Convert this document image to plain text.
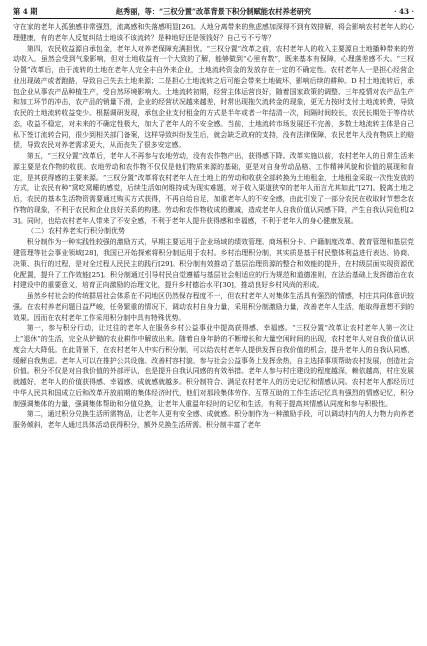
第 4 期	赵秀丽，等：“三权分置”改革背景下积分制赋能农村养老研究	· 43 ·

守在家的老年人孤独感非常强烈，流离感和失落感明显[26]。人地分离带来的焦虑感加深得不到有效排解，将会影响农村老年人的心理健康，有的老年人反复纠结土地该不该流转？是种地好还是领钱好？自己亏不亏等？

第四，农民收益源自承包金，老年人对养老保障充满担忧。“三权分置”改革之前，农村老年人的收入主要源自土地播种带来的劳动收入，虽然会受到气象影响，但对土地收益有一个大致的了解，能够做到“心里有数”，既来基本有保障，心理落差感不大。“三权分置”改革后，由于流转的土地在老年人完全丰自外来企业，土地流转资金的发放存在一定的不确定性。农村老年人一是担心经营企业出现破产或者跑路，导致自己失去土地来源；二是担心土地流转之后可能会带来土地破坏，影响后续的耕种。D 村土地流转后，承包企业从事农产品种植生产，受自然环境影响大。土地流转初期，经营主体运营良好，随着国家政策的调整、三年疫情对农产品生产和加工环节的冲击，农产品的销量下滑，企业的经营状况越来越差，时常出现拖欠流转金的现象，更无力按时支付土地流转费，导致农民的土地流转收益变少。根据调研发现，承包企业支付租金的方式是半年或者一年结清一次，间隔时间较长，农民长期处于等待状态，收益不稳定，对未来的不确定性极大，加大了老年人的不安全感。当前，土地流转市场发展还不完善，多数土地流转主体是自己私下签订流转合同，很少到相关部门备案，这样导致纠纷发生后，就会缺乏政府的支持，没有法律保障，农民老年人没有物质上的赔偿，导致农民对养老需求更大，从而丧失了很多安定感。

第五，“三权分置”改革后，老年人不再参与农地劳动，没有农作物产出，获得感下降。改革实施以前，农村老年人的日常生活来源主要是农作物的收获。农地劳动和农作物不仅仅是他们物质来源的基础，更是对自身劳动品格、工作精神风貌和价值的展现和肯定，是其获得感的主要来源。“三权分置”改革将农村老年人在土地上的劳动和收获全部转换为土地租金，土地租金采取一次性发放的方式，让农民有种“窝吃窝睡的感觉，后续生活如何维持成为现实难题，对于收入渠道狭窄的老年人而言尤其如此”[27]。脱离土地之后，农民的基本生活物资需要通过购买方式获得，不再自给自足，加重老年人的不安全感，由此引发了一部分农民在收取时节想念农作物的现象，不利于农民和企业良好关系的构建。劳动和农作物收成的骤减，造成老年人自我价值认同感下降，产生自我认同危机[23]。同时，也给农村老年人带来了不安全感，不利于老年人提升获得感和幸福感，不利于老年人的身心健康发展。

（二）农村养老实行积分制优势

积分制作为一种实践性较强的激励方式，早期主要运用于企业场域的绩效管理、商场积分卡、户籍制度改革、教育管理和基层党建管理等社会事业领域[28]，我国已开始探索将积分制运用于农村。乡村治理积分制，其实质是基于村民整体利益进行表达、协商、决策、执行的过程，是对全过程人民民主的践行[29]。积分制有效推动了基层治理资源的整合和效能的提升，在村级层面实现资源优化配置，提升了工作效能[25]。积分制通过引导村民自觉遵循与基层社会相适应的行为规范和道德准则，在法治基础上发挥德治在农村建设中的重要意义，培育正向激励的治理文化，提升乡村德治水平[30]，推动良好乡村风尚的形成。

虽然乡村社会的传统群居社会体系在不同地区仍然保存程度不一，但农村老年人对集体生活具有强烈的情感，村庄共同体意识较强。在农村养老问题日益严峻，任务繁重的情况下，调动农村自身力量，采用积分制激励力量，改善老年人生活，能取得意想不到的效果。因而在农村老年工作采用积分制中具有特殊优势。

第一，参与积分行动，让过往的老年人在服务乡村公益事业中提高获得感、幸福感。“三权分置”改革让农村老年人第一次让上“退休”的生活，完全从铲锄的农业耕作中解放出来。随着自身年龄的不断增长和大量空闲时间的出现，农村老年人对自我价值认识度会大大降低。在此背景下，在农村老年人中实行积分制，可以给农村老年人提供发挥自我价值的机会，提升老年人的自我认同感，缓解自我焦虑。老年人可以在推护公共设施、改善村容村貌、参与社会公益事务上发挥余热，自主选择事项帮助农村发展，创造社会价值。积分不仅是对自我价值的外部评认，也是提升自我认同感的有效举措。老年人参与村庄建设的程度越深，赖依越高，村庄发展就越好，老年人的价值获得感、幸福感、成就感就越多。积分制符合、满足农村老年人的历史记忆和情感认同。农村老年人都经历过中华人民共和国成立后和改革开放前期的集体经济时代，他们对那段集体劳作、互帮互助的工作生活记忆具有强烈的情感记忆，积分制强调集体的力量，强调集体帮助和分值兑换，让老年人重温年轻时的记忆和生活，有利于提高其情感认同度和参与积极性。

第二，通过积分兑换生活所需物品，让老年人更有安全感、成就感。积分制作为一种激励手段，可以调动村内的人力物力向养老服务倾斜，老年人通过具体活动获得积分，额外兑换生活所需。积分制丰富了老年
